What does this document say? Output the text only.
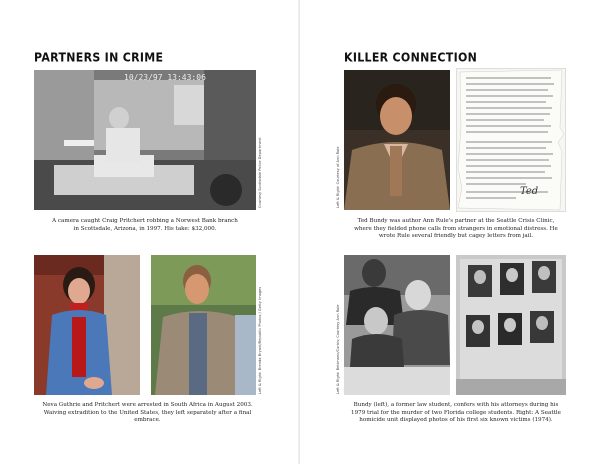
PARTNERS IN CRIME
10/23/97 13:43:06
Courtesy Scottsdale Police Department
A camera caught Craig Pritchert robbing a Norwest Bank branch in Scottsdale, Arizona, in 1997. His take: $32,000.
Left & Right: Brenda Bryant/Republic Photos / Getty Images
Neva Guthrie and Pritchert were arrested in South Africa in August 2003. Waiving extradition to the United States, they left separately after a final embrace.
KILLER CONNECTION
Left & Right: Courtesy of Ann Rule	Ted
Ted Bundy was author Ann Rule's partner at the Seattle Crisis Clinic, where they fielded phone calls from strangers in emotional distress. He wrote Rule several friendly but cagey letters from jail.
Left & Right: Bettmann/Corbis; Courtesy Ann Rule
Bundy (left), a former law student, confers with his attorneys during his 1979 trial for the murder of two Florida college students. Right: A Seattle homicide unit displayed photos of his first six known victims (1974).
